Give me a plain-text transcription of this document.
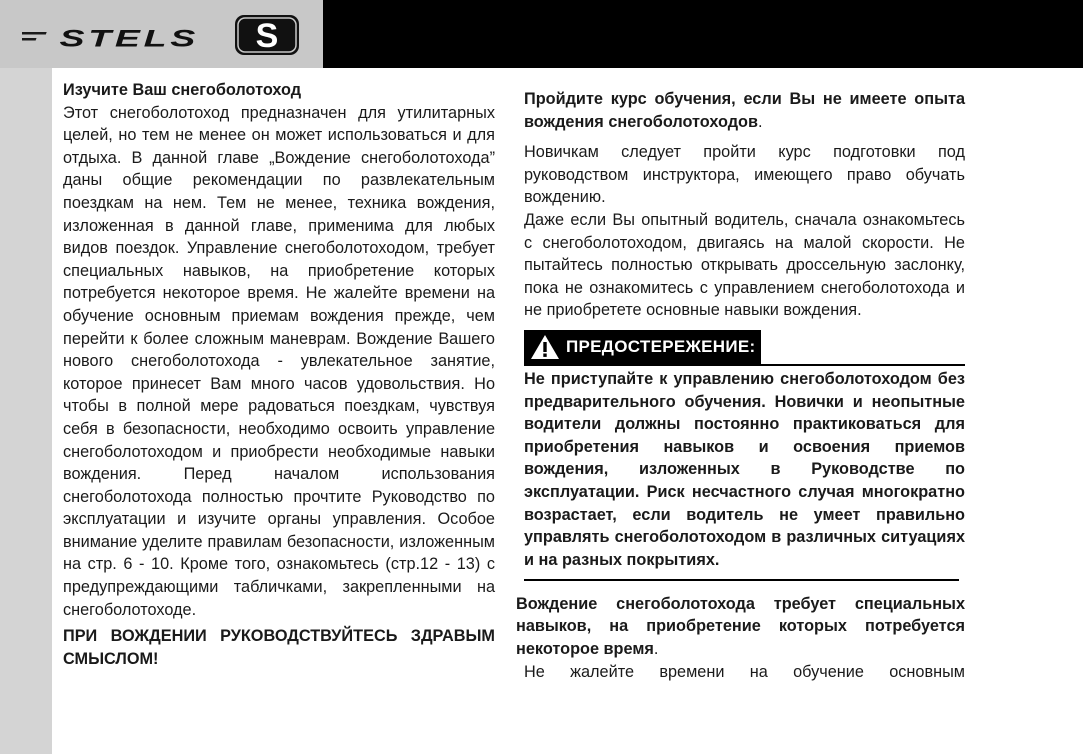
STELS S

Изучите Ваш снегоболотоход

Этот снегоболотоход предназначен для утилитарных целей, но тем не менее он может использоваться и для отдыха. В данной главе „Вождение снегоболотохода” даны общие рекомендации по развлекательным поездкам на нем. Тем не менее, техника вождения, изложенная в данной главе, применима для любых видов поездок. Управление снегоболотоходом, требует специальных навыков, на приобретение которых потребуется некоторое время. Не жалейте времени на обучение основным приемам вождения прежде, чем перейти к более сложным маневрам. Вождение Вашего нового снегоболотохода - увлекательное занятие, которое принесет Вам много часов удовольствия. Но чтобы в полной мере радоваться поездкам, чувствуя себя в безопасности, необходимо освоить управление снегоболотоходом и приобрести необходимые навыки вождения. Перед началом использования снегоболотохода полностью прочтите Руководство по эксплуатации и изучите органы управления. Особое внимание уделите правилам безопасности, изложенным на стр. 6 - 10. Кроме того, ознакомьтесь (стр.12 - 13) с предупреждающими табличками, закрепленными на снегоболотоходе.

ПРИ ВОЖДЕНИИ РУКОВОДСТВУЙТЕСЬ ЗДРАВЫМ СМЫСЛОМ!

Пройдите курс обучения, если Вы не имеете опыта вождения снегоболотоходов.

Новичкам следует пройти курс подготовки под руководством инструктора, имеющего право обучать вождению.

Даже если Вы опытный водитель, сначала ознакомьтесь с снегоболотоходом, двигаясь на малой скорости. Не пытайтесь полностью открывать дроссельную заслонку, пока не ознакомитесь с управлением снегоболотохода и не приобретете основные навыки вождения.

ПРЕДОСТЕРЕЖЕНИЕ:

Не приступайте к управлению снегоболотоходом без предварительного обучения. Новички и неопытные водители должны постоянно практиковаться для приобретения навыков и освоения приемов вождения, изложенных в Руководстве по эксплуатации. Риск несчастного случая многократно возрастает, если водитель не умеет правильно управлять снегоболотоходом в различных ситуациях и на разных покрытиях.

Вождение снегоболотохода требует специальных навыков, на приобретение которых потребуется некоторое время.

Не жалейте времени на обучение основным
